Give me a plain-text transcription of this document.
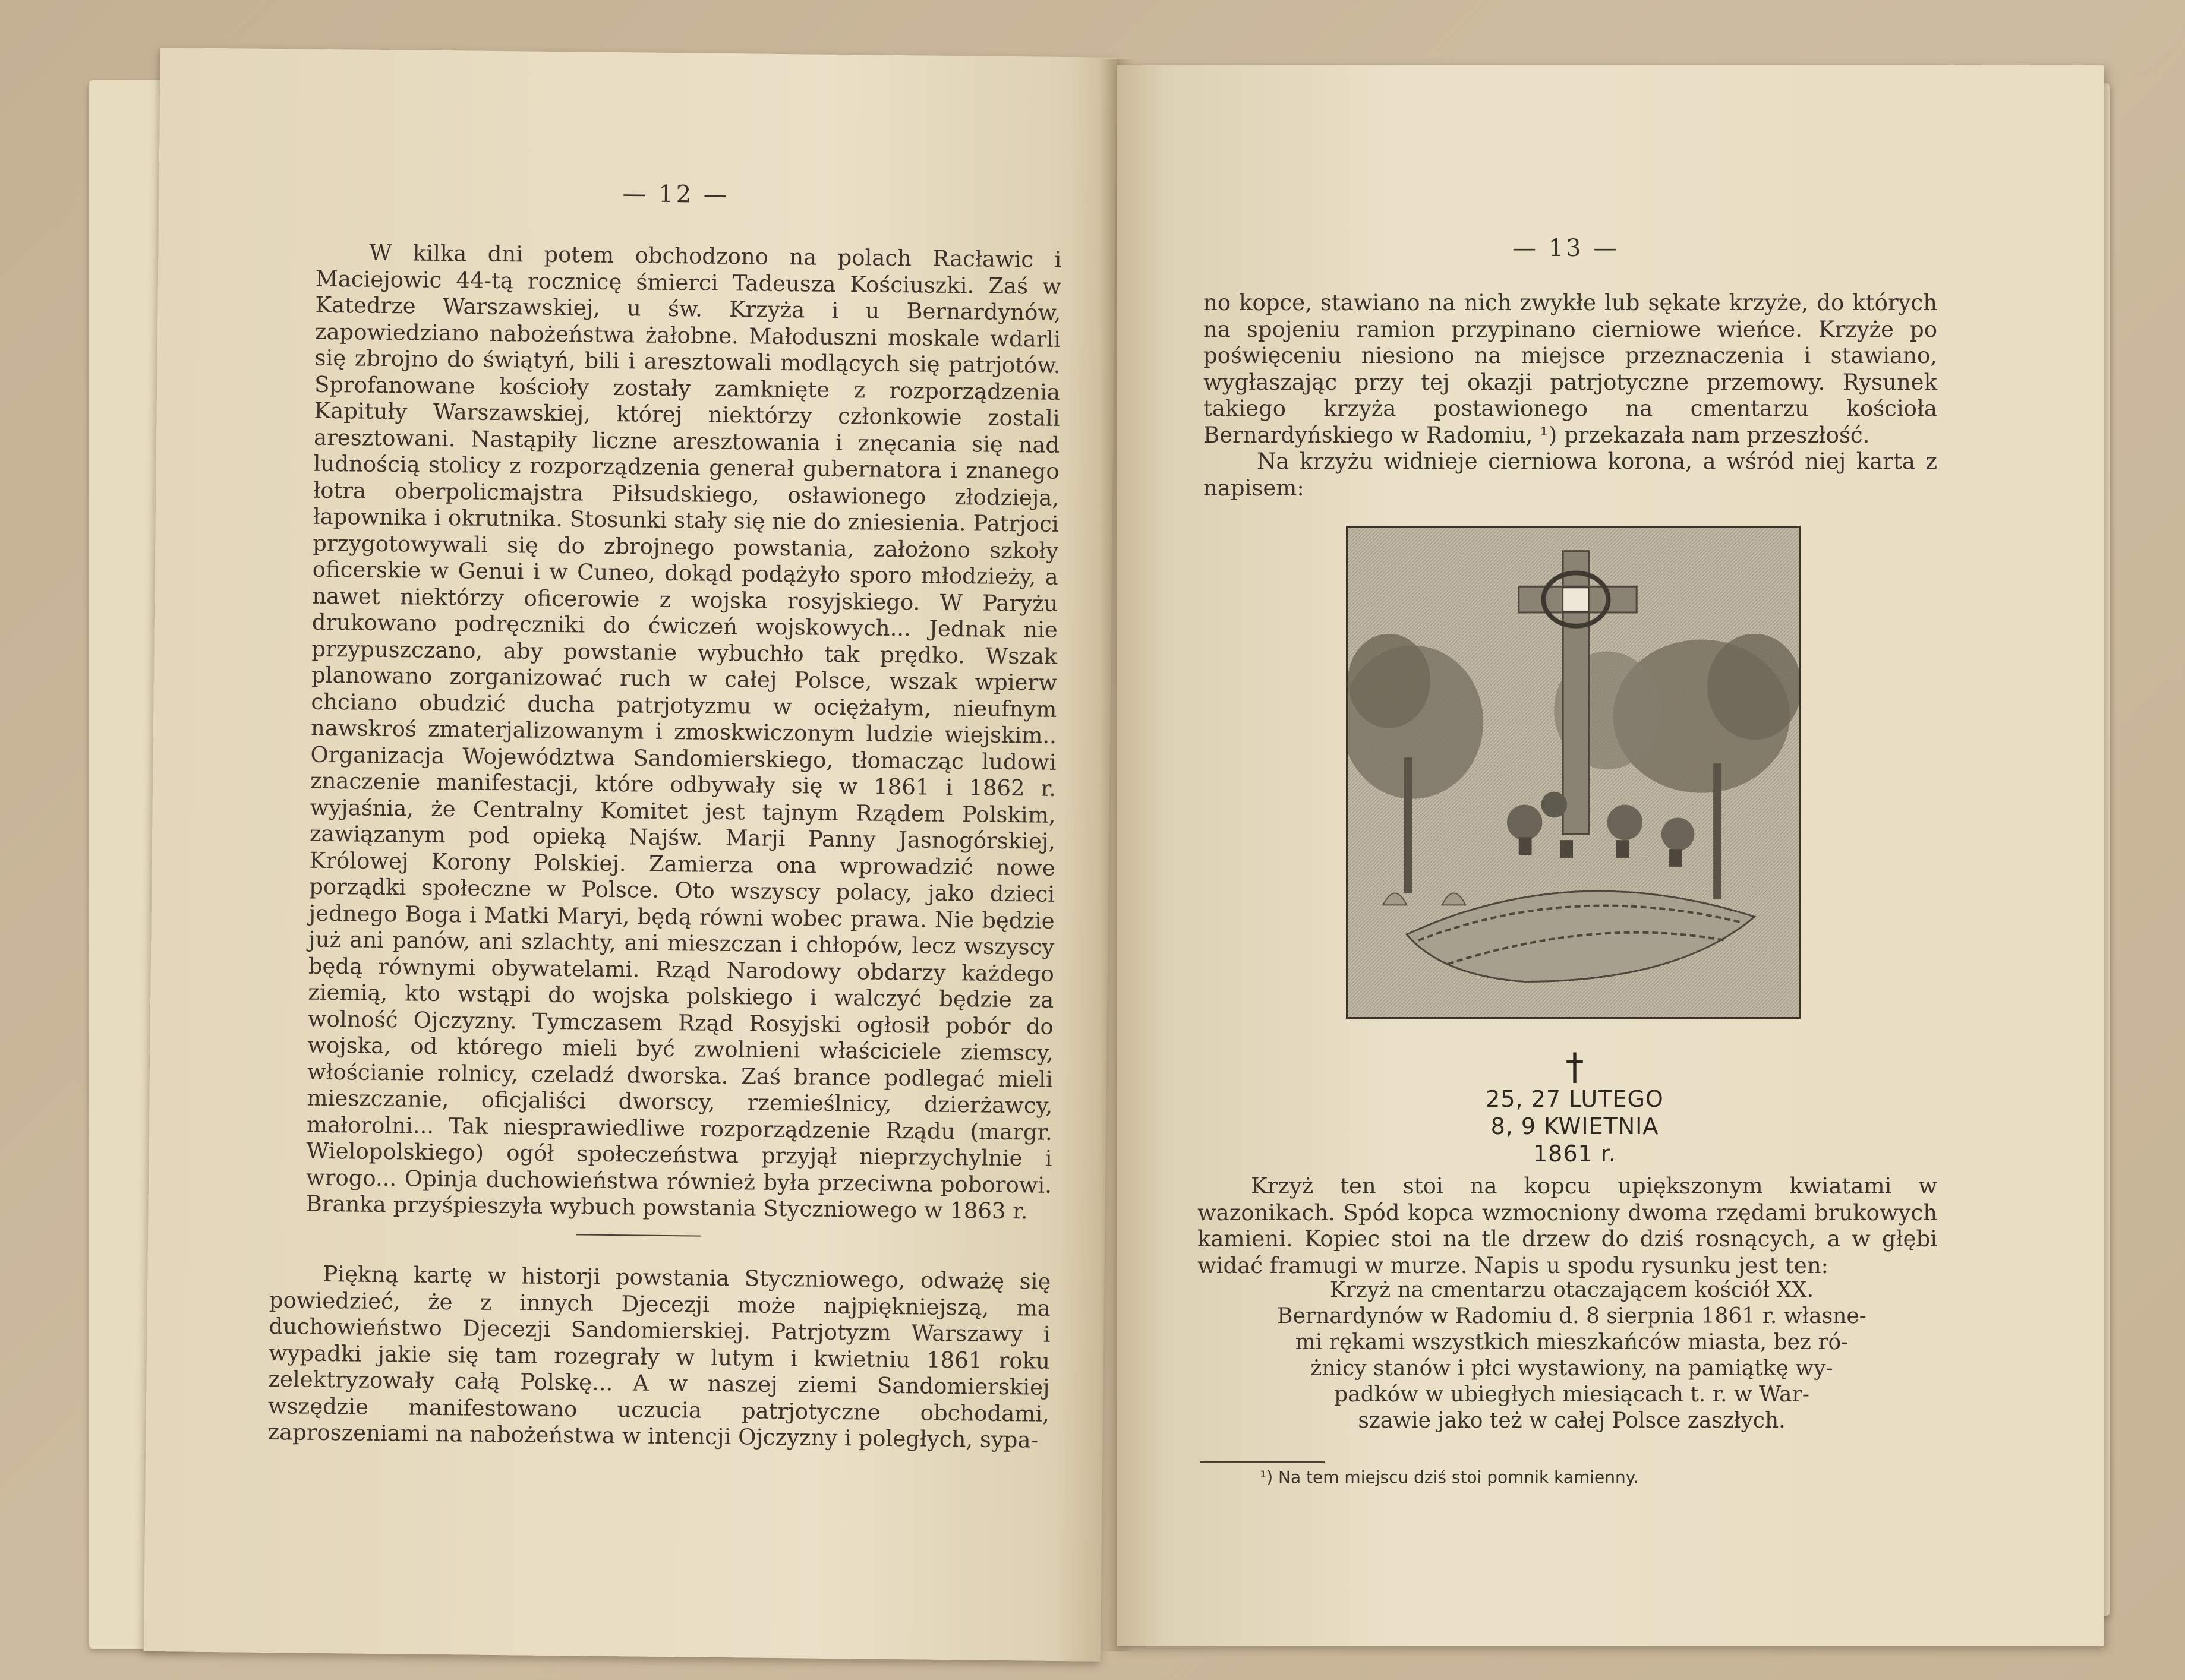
— 12 —

W kilka dni potem obchodzono na polach Racławic i Maciejowic 44-tą rocznicę śmierci Tadeusza Kościuszki. Zaś w Katedrze Warszawskiej, u św. Krzyża i u Bernardynów, zapowiedziano nabożeństwa żałobne. Małoduszni moskale wdarli się zbrojno do świątyń, bili i aresztowali modlących się patrjotów. Sprofanowane kościoły zostały zamknięte z rozporządzenia Kapituły Warszawskiej, której niektórzy członkowie zostali aresztowani. Nastąpiły liczne aresztowania i znęcania się nad ludnością stolicy z rozporządzenia generał gubernatora i znanego łotra oberpolicmajstra Piłsudskiego, osławionego złodzieja, łapownika i okrutnika. Stosunki stały się nie do zniesienia. Patrjoci przygotowywali się do zbrojnego powstania, założono szkoły oficerskie w Genui i w Cuneo, dokąd podążyło sporo młodzieży, a nawet niektórzy oficerowie z wojska rosyjskiego. W Paryżu drukowano podręczniki do ćwiczeń wojskowych... Jednak nie przypuszczano, aby powstanie wybuchło tak prędko. Wszak planowano zorganizować ruch w całej Polsce, wszak wpierw chciano obudzić ducha patrjotyzmu w ociężałym, nieufnym nawskroś zmaterjalizowanym i zmoskwiczonym ludzie wiejskim.. Organizacja Województwa Sandomierskiego, tłomacząc ludowi znaczenie manifestacji, które odbywały się w 1861 i 1862 r. wyjaśnia, że Centralny Komitet jest tajnym Rządem Polskim, zawiązanym pod opieką Najśw. Marji Panny Jasnogórskiej, Królowej Korony Polskiej. Zamierza ona wprowadzić nowe porządki społeczne w Polsce. Oto wszyscy polacy, jako dzieci jednego Boga i Matki Maryi, będą równi wobec prawa. Nie będzie już ani panów, ani szlachty, ani mieszczan i chłopów, lecz wszyscy będą równymi obywatelami. Rząd Narodowy obdarzy każdego ziemią, kto wstąpi do wojska polskiego i walczyć będzie za wolność Ojczyzny. Tymczasem Rząd Rosyjski ogłosił pobór do wojska, od którego mieli być zwolnieni właściciele ziemscy, włościanie rolnicy, czeladź dworska. Zaś brance podlegać mieli mieszczanie, oficjaliści dworscy, rzemieślnicy, dzierżawcy, małorolni... Tak niesprawiedliwe rozporządzenie Rządu (margr. Wielopolskiego) ogół społeczeństwa przyjął nieprzychylnie i wrogo... Opinja duchowieństwa również była przeciwna poborowi. Branka przyśpieszyła wybuch powstania Styczniowego w 1863 r.

Piękną kartę w historji powstania Styczniowego, odważę się powiedzieć, że z innych Djecezji może najpiękniejszą, ma duchowieństwo Djecezji Sandomierskiej. Patrjotyzm Warszawy i wypadki jakie się tam rozegrały w lutym i kwietniu 1861 roku zelektryzowały całą Polskę... A w naszej ziemi Sandomierskiej wszędzie manifestowano uczucia patrjotyczne obchodami, zaproszeniami na nabożeństwa w intencji Ojczyzny i poległych, sypa-

— 13 —

no kopce, stawiano na nich zwykłe lub sękate krzyże, do których na spojeniu ramion przypinano cierniowe wieńce. Krzyże po poświęceniu niesiono na miejsce przeznaczenia i stawiano, wygłaszając przy tej okazji patrjotyczne przemowy. Rysunek takiego krzyża postawionego na cmentarzu kościoła Bernardyńskiego w Radomiu, ¹) przekazała nam przeszłość.

Na krzyżu widnieje cierniowa korona, a wśród niej karta z napisem:

†
25, 27 LUTEGO
8, 9 KWIETNIA
1861 r.

Krzyż ten stoi na kopcu upiększonym kwiatami w wazonikach. Spód kopca wzmocniony dwoma rzędami brukowych kamieni. Kopiec stoi na tle drzew do dziś rosnących, a w głębi widać framugi w murze. Napis u spodu rysunku jest ten:

Krzyż na cmentarzu otaczającem kościół XX.
Bernardynów w Radomiu d. 8 sierpnia 1861 r. własne-
mi rękami wszystkich mieszkańców miasta, bez ró-
żnicy stanów i płci wystawiony, na pamiątkę wy-
padków w ubiegłych miesiącach t. r. w War-
szawie jako też w całej Polsce zaszłych.
¹) Na tem miejscu dziś stoi pomnik kamienny.
